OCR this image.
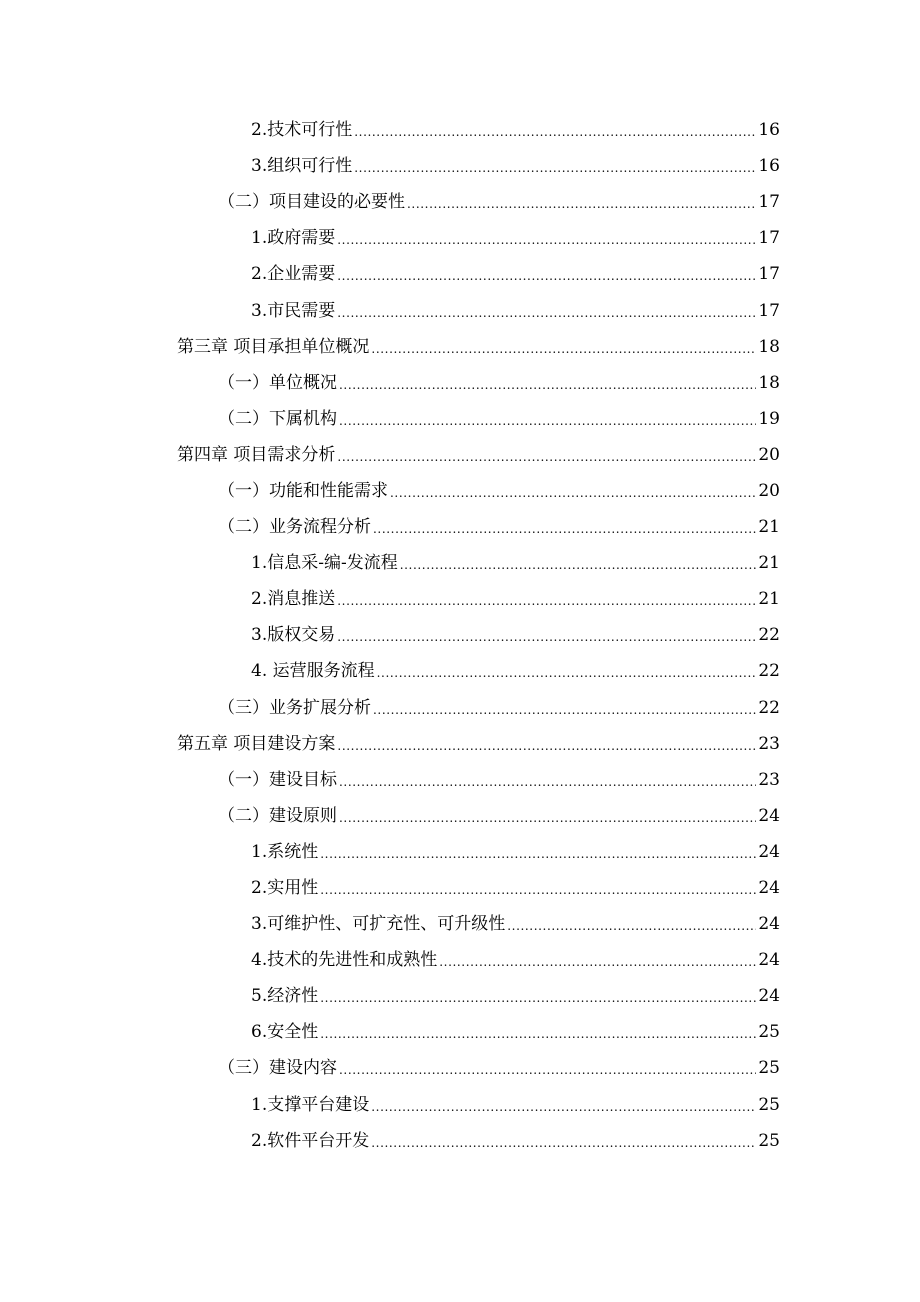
2.技术可行性 .....	16
3.组织可行性 .....	16
（二）项目建设的必要性 .....	17
1.政府需要 .....	17
2.企业需要 .....	17
3.市民需要 .....	17
第三章 项目承担单位概况 .....	18
（一）单位概况 .....	18
（二）下属机构 .....	19
第四章 项目需求分析 .....	20
（一）功能和性能需求 .....	20
（二）业务流程分析 .....	21
1.信息采-编-发流程 .....	21
2.消息推送 .....	21
3.版权交易 .....	22
4. 运营服务流程 .....	22
（三）业务扩展分析 .....	22
第五章 项目建设方案 .....	23
（一）建设目标 .....	23
（二）建设原则 .....	24
1.系统性 .....	24
2.实用性 .....	24
3.可维护性、可扩充性、可升级性 .....	24
4.技术的先进性和成熟性 .....	24
5.经济性 .....	24
6.安全性 .....	25
（三）建设内容 .....	25
1.支撑平台建设 .....	25
2.软件平台开发 .....	25
